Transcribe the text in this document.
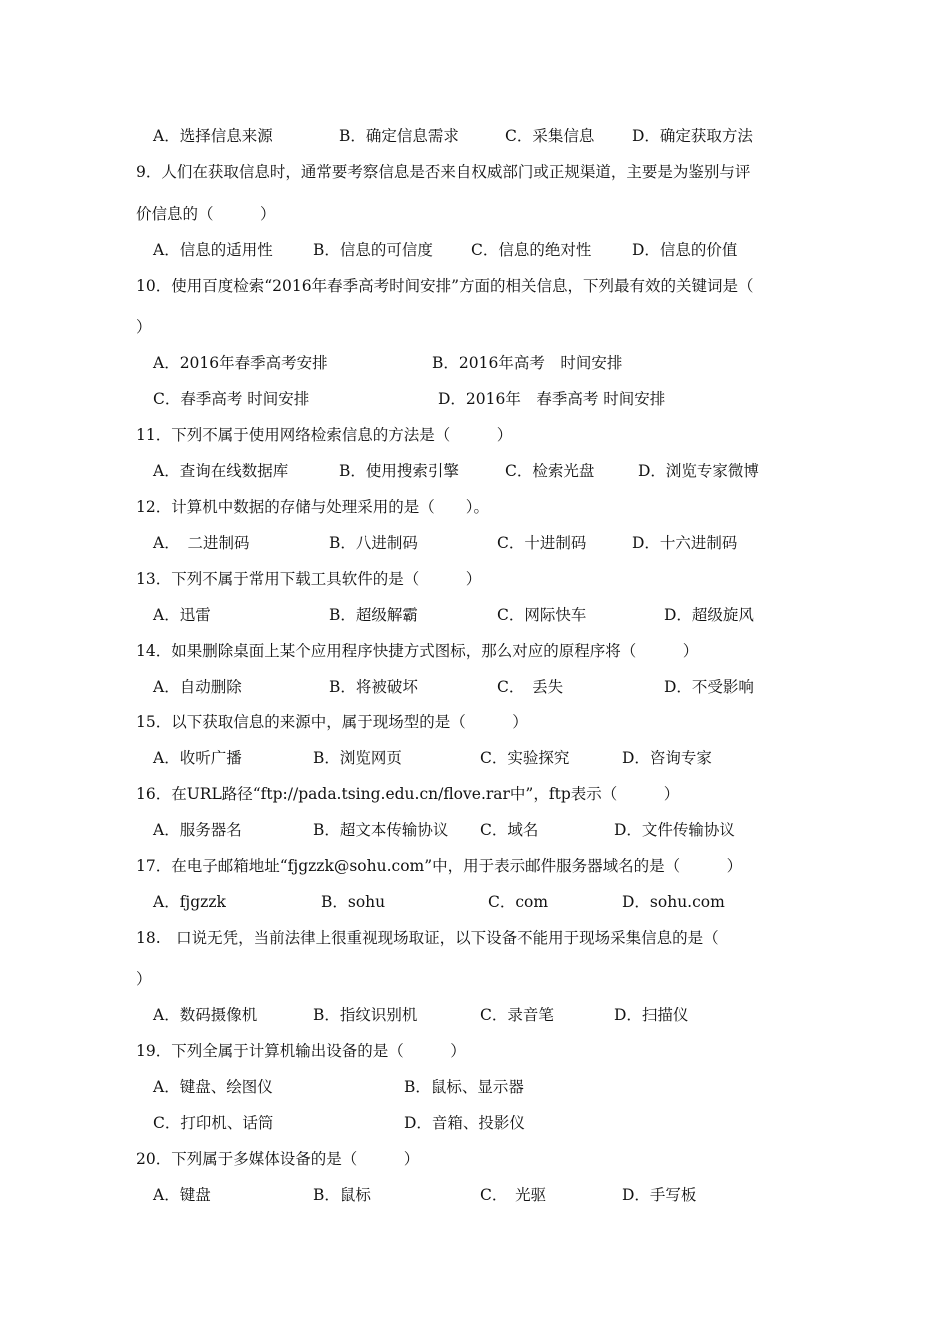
A．选择信息来源	B．确定信息需求	C．采集信息 D．确定获取方法
9．人们在获取信息时，通常要考察信息是否来自权威部门或正规渠道，主要是为鉴别与评
价信息的（　　　）
A．信息的适用性	B．信息的可信度 C．信息的绝对性	D．信息的价值
10．使用百度检索“2016年春季高考时间安排”方面的相关信息，下列最有效的关键词是（
）
A．2016年春季高考安排	B．2016年高考　时间安排
C．春季高考 时间安排	D．2016年　春季高考 时间安排
11．下列不属于使用网络检索信息的方法是（　　　）
A．查询在线数据库	B．使用搜索引擎	C．检索光盘	D．浏览专家微博
12．计算机中数据的存储与处理采用的是（　　）。
A．　二进制码	B．八进制码	C．十进制码	D．十六进制码
13．下列不属于常用下载工具软件的是（　　　）
A．迅雷	B．超级解霸	C．网际快车	D．超级旋风
14．如果删除桌面上某个应用程序快捷方式图标，那么对应的原程序将（　　　）
A．自动删除	B．将被破坏	C．　丢失	D．不受影响
15．以下获取信息的来源中，属于现场型的是（　　　）
A．收听广播	B．浏览网页	C．实验探究	D．咨询专家
16．在URL路径“ftp://pada.tsing.edu.cn/flove.rar中”，ftp表示（　　　）
A．服务器名	B．超文本传输协议 C．域名	D．文件传输协议
17．在电子邮箱地址“fjgzzk@sohu.com”中，用于表示邮件服务器域名的是（　　　）
A．fjgzzk	B．sohu	C．com	D．sohu.com
18.　口说无凭，当前法律上很重视现场取证，以下设备不能用于现场采集信息的是（
）
A．数码摄像机	B．指纹识别机	C．录音笔	D．扫描仪
19．下列全属于计算机输出设备的是（　　　）
A．键盘、绘图仪	B．鼠标、显示器
C．打印机、话筒	D．音箱、投影仪
20．下列属于多媒体设备的是（　　　）
A．键盘	B．鼠标	C．　光驱	D．手写板
